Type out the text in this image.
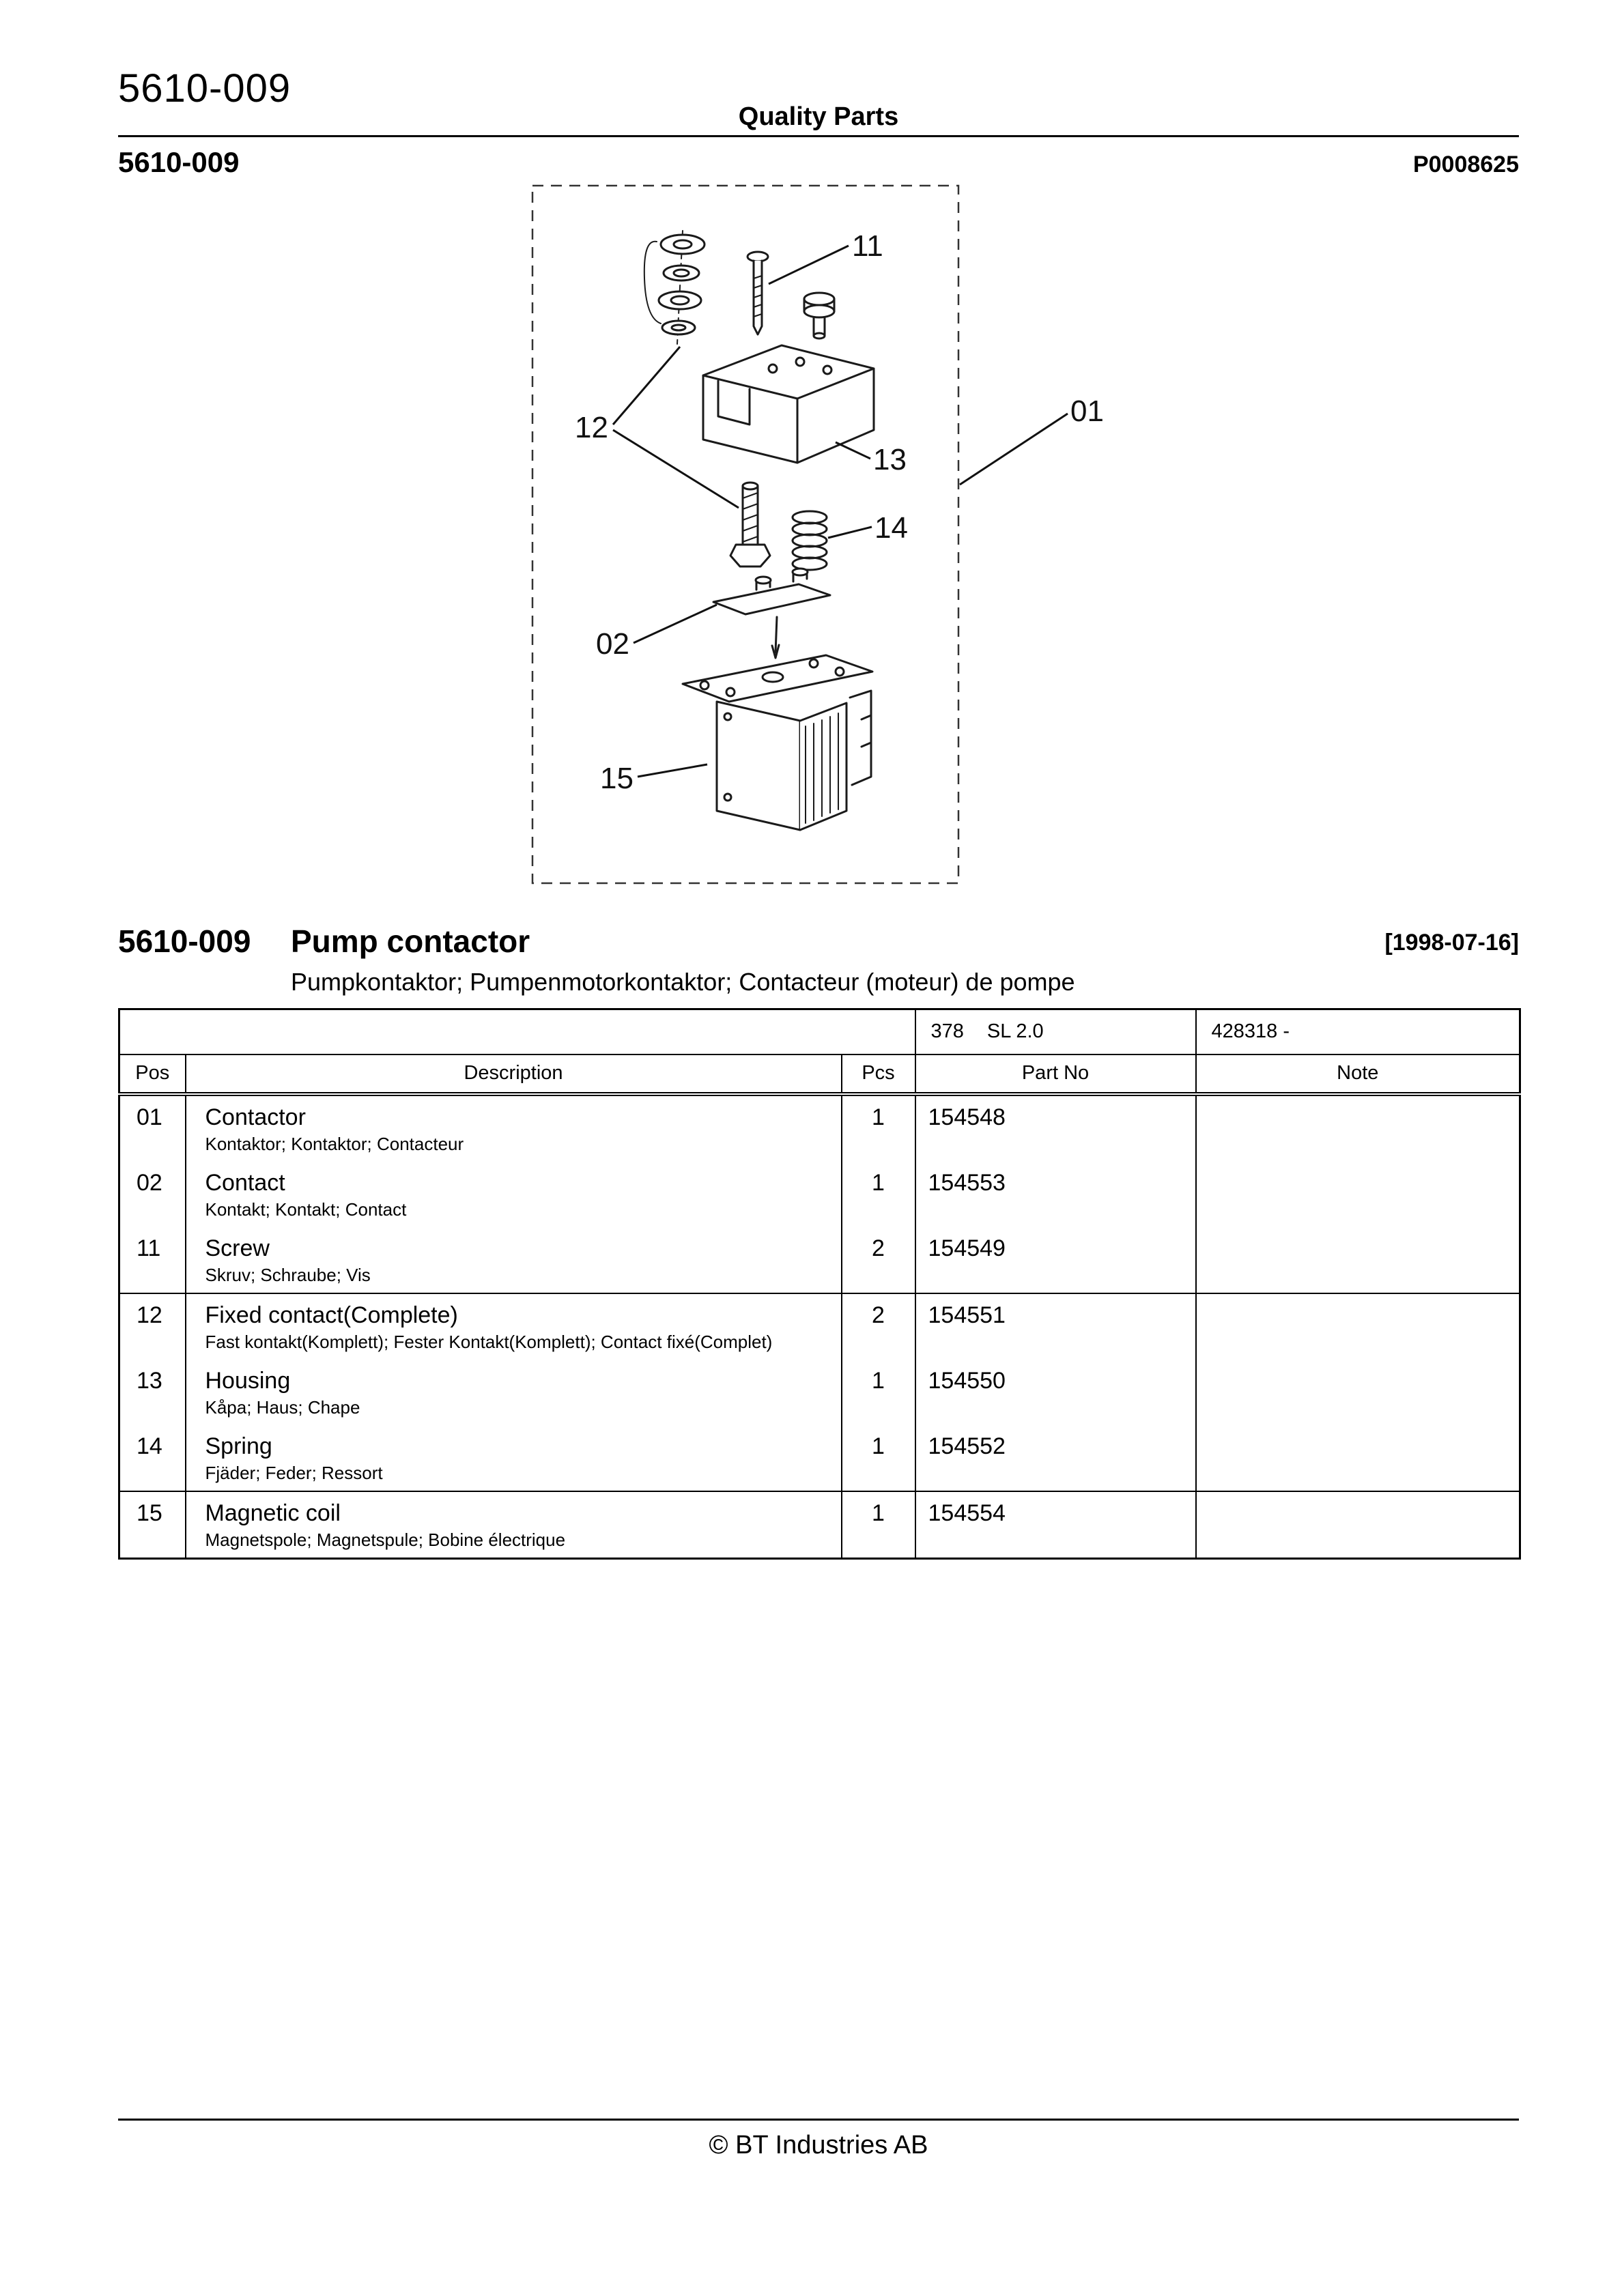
5610-009
Quality Parts
5610-009	P0008625
11
12
13
14
01
02
15
5610-009 Pump contactor	[1998-07-16]
Pumpkontaktor; Pumpenmotorkontaktor; Contacteur (moteur) de pompe
			378 SL 2.0	428318 -
Pos	Description	Pcs	Part No	Note
01	Contactor
Kontaktor; Kontaktor; Contacteur	1	154548	
02	Contact
Kontakt; Kontakt; Contact	1	154553	
11	Screw
Skruv; Schraube; Vis	2	154549	
12	Fixed contact(Complete)
Fast kontakt(Komplett); Fester Kontakt(Komplett); Contact fixé(Complet)	2	154551	
13	Housing
Kåpa; Haus; Chape	1	154550	
14	Spring
Fjäder; Feder; Ressort	1	154552	
15	Magnetic coil
Magnetspole; Magnetspule; Bobine électrique	1	154554	
© BT Industries AB
